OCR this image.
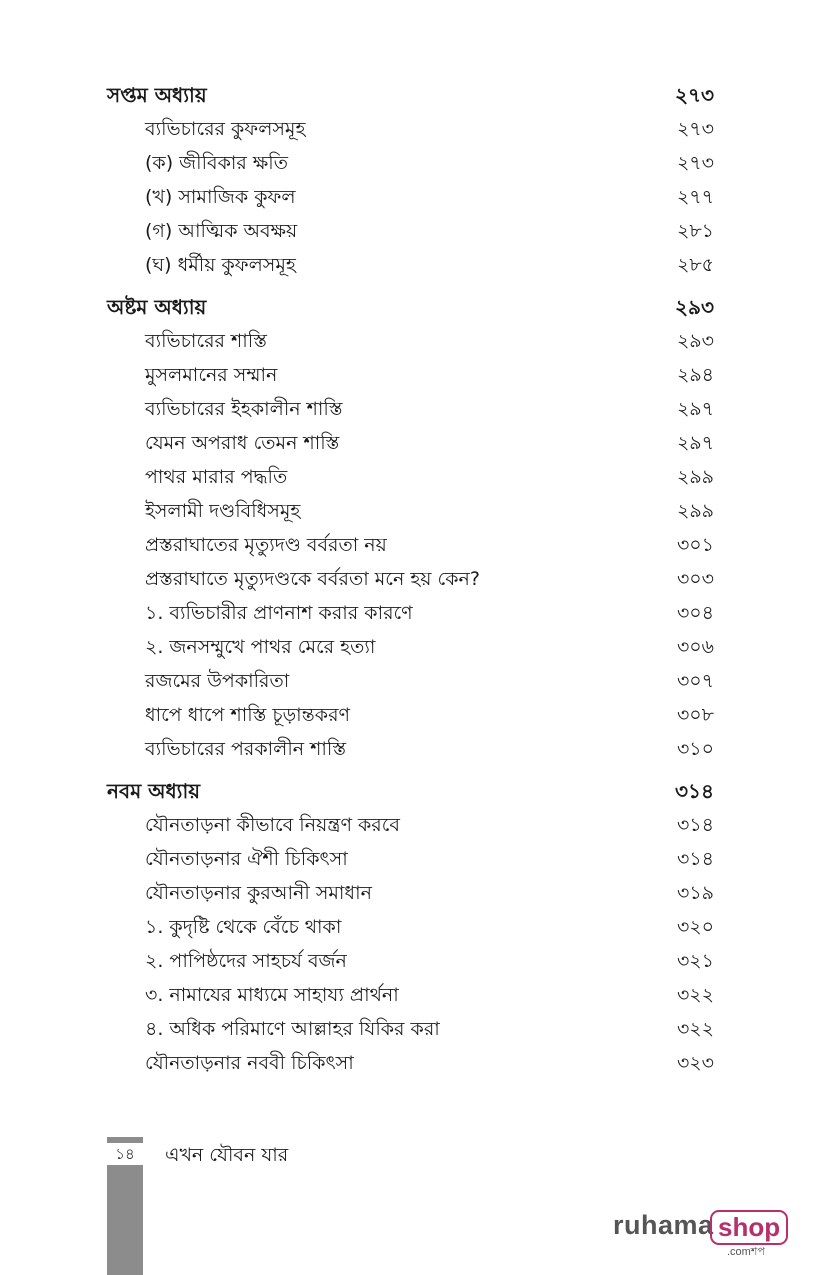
সপ্তম অধ্যায়	২৭৩
ব্যভিচারের কুফলসমূহ	২৭৩
(ক) জীবিকার ক্ষতি	২৭৩
(খ) সামাজিক কুফল	২৭৭
(গ) আত্মিক অবক্ষয়	২৮১
(ঘ) ধর্মীয় কুফলসমূহ	২৮৫
অষ্টম অধ্যায়	২৯৩
ব্যভিচারের শাস্তি	২৯৩
মুসলমানের সম্মান	২৯৪
ব্যভিচারের ইহকালীন শাস্তি	২৯৭
যেমন অপরাধ তেমন শাস্তি	২৯৭
পাথর মারার পদ্ধতি	২৯৯
ইসলামী দণ্ডবিধিসমূহ	২৯৯
প্রস্তরাঘাতের মৃত্যুদণ্ড বর্বরতা নয়	৩০১
প্রস্তরাঘাতে মৃত্যুদণ্ডকে বর্বরতা মনে হয় কেন?	৩০৩
১. ব্যভিচারীর প্রাণনাশ করার কারণে	৩০৪
২. জনসম্মুখে পাথর মেরে হত্যা	৩০৬
রজমের উপকারিতা	৩০৭
ধাপে ধাপে শাস্তি চূড়ান্তকরণ	৩০৮
ব্যভিচারের পরকালীন শাস্তি	৩১০
নবম অধ্যায়	৩১৪
যৌনতাড়না কীভাবে নিয়ন্ত্রণ করবে	৩১৪
যৌনতাড়নার ঐশী চিকিৎসা	৩১৪
যৌনতাড়নার কুরআনী সমাধান	৩১৯
১. কুদৃষ্টি থেকে বেঁচে থাকা	৩২০
২. পাপিষ্ঠদের সাহচর্য বর্জন	৩২১
৩. নামাযের মাধ্যমে সাহায্য প্রার্থনা	৩২২
৪. অধিক পরিমাণে আল্লাহর যিকির করা	৩২২
যৌনতাড়নার নববী চিকিৎসা	৩২৩
১৪	এখন যৌবন যার
ruhama shop
.comশপ
